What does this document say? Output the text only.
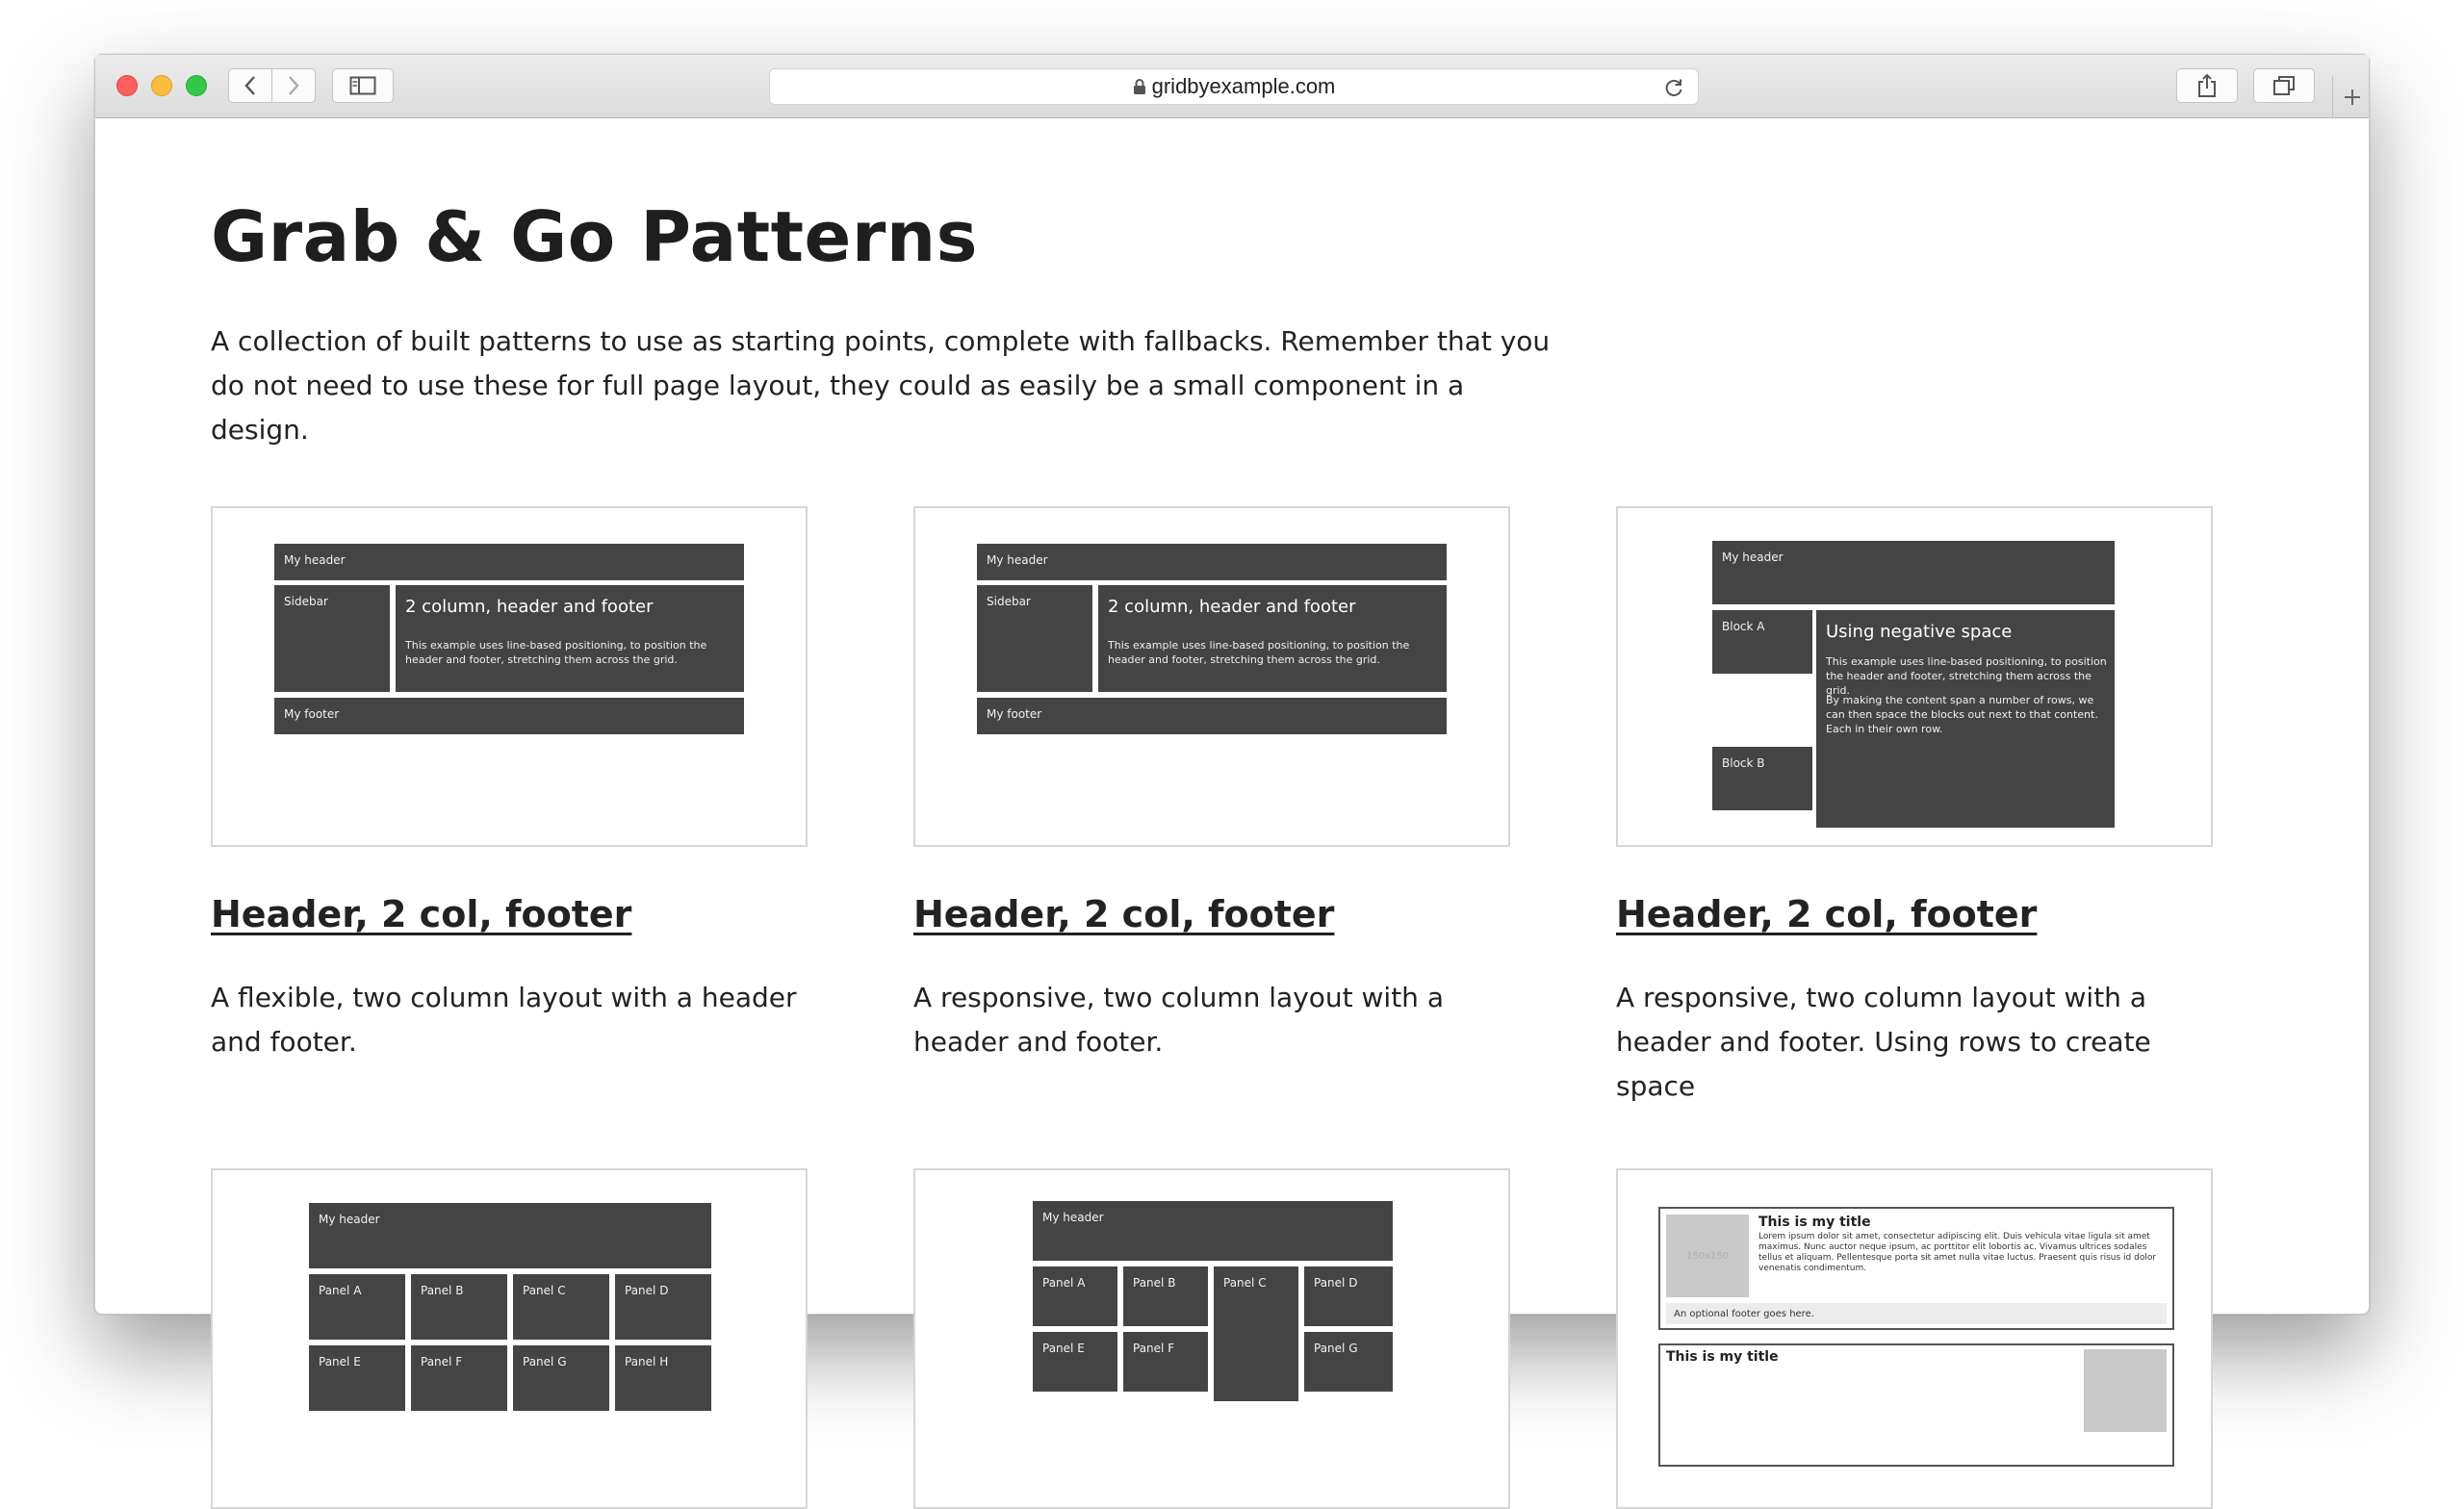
gridbyexample.com
Grab & Go Patterns

A collection of built patterns to use as starting points, complete with fallbacks. Remember that you do not need to use these for full page layout, they could as easily be a small component in a design.

My header
Sidebar	2 column, header and footer
This example uses line-based positioning, to position the header and footer, stretching them across the grid.
My footer
Header, 2 col, footer

A flexible, two column layout with a header and footer.

My header
Sidebar	2 column, header and footer
This example uses line-based positioning, to position the header and footer, stretching them across the grid.
My footer
Header, 2 col, footer

A responsive, two column layout with a header and footer.

My header
Block A	Using negative space
This example uses line-based positioning, to position the header and footer, stretching them across the grid.
By making the content span a number of rows, we can then space the blocks out next to that content. Each in their own row.
Block B
Header, 2 col, footer

A responsive, two column layout with a header and footer. Using rows to create space

My header
Panel A	Panel B	Panel C	Panel D
Panel E	Panel F	Panel G	Panel H
My header
Panel A	Panel B	Panel C	Panel D
Panel E	Panel F	Panel G
150x150
This is my title
Lorem ipsum dolor sit amet, consectetur adipiscing elit. Duis vehicula vitae ligula sit amet maximus. Nunc auctor neque ipsum, ac porttitor elit lobortis ac. Vivamus ultrices sodales tellus et aliquam. Pellentesque porta sit amet nulla vitae luctus. Praesent quis risus id dolor venenatis condimentum.
An optional footer goes here.
This is my title
